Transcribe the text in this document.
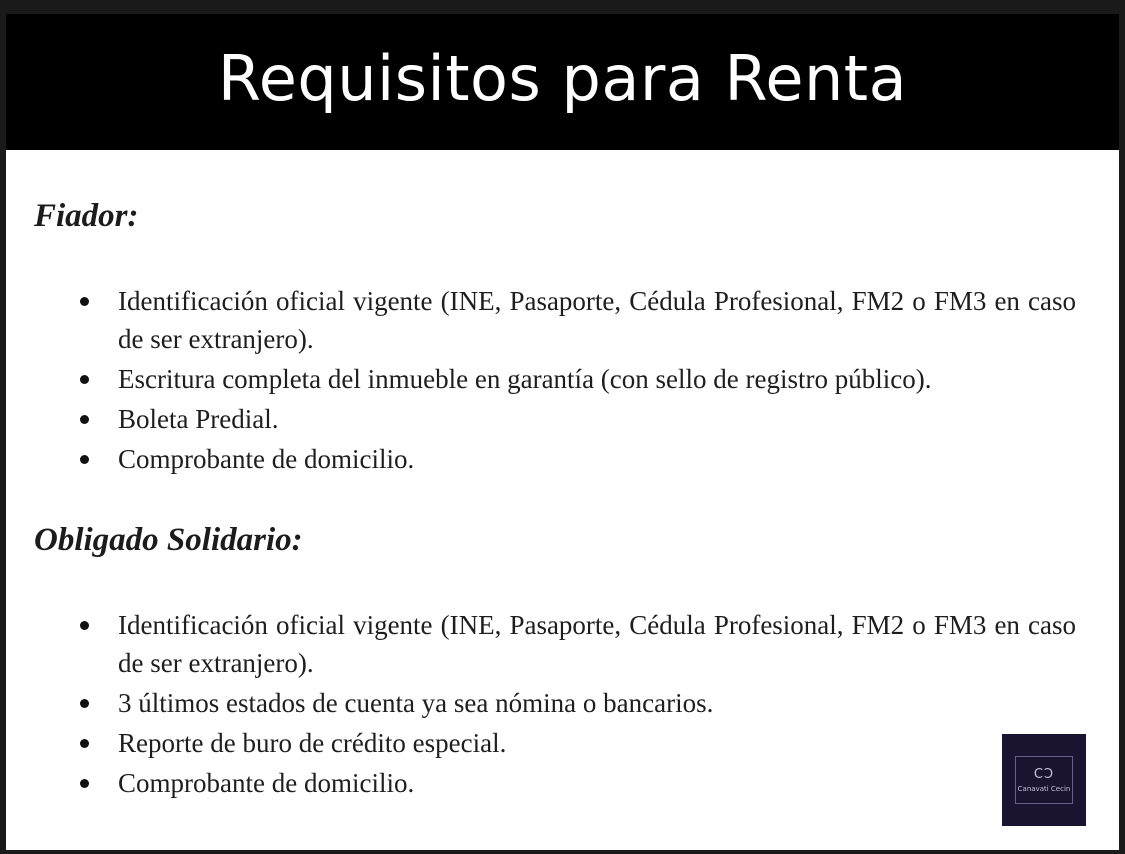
Requisitos para Renta
Fiador:
Identificación oficial vigente (INE, Pasaporte, Cédula Profesional, FM2 o FM3 en caso de ser extranjero).
Escritura completa del inmueble en garantía (con sello de registro público).
Boleta Predial.
Comprobante de domicilio.
Obligado Solidario:
Identificación oficial vigente (INE, Pasaporte, Cédula Profesional, FM2 o FM3 en caso de ser extranjero).
3 últimos estados de cuenta ya sea nómina o bancarios.
Reporte de buro de crédito especial.
Comprobante de domicilio.	CↃ
Canavati Cecin
